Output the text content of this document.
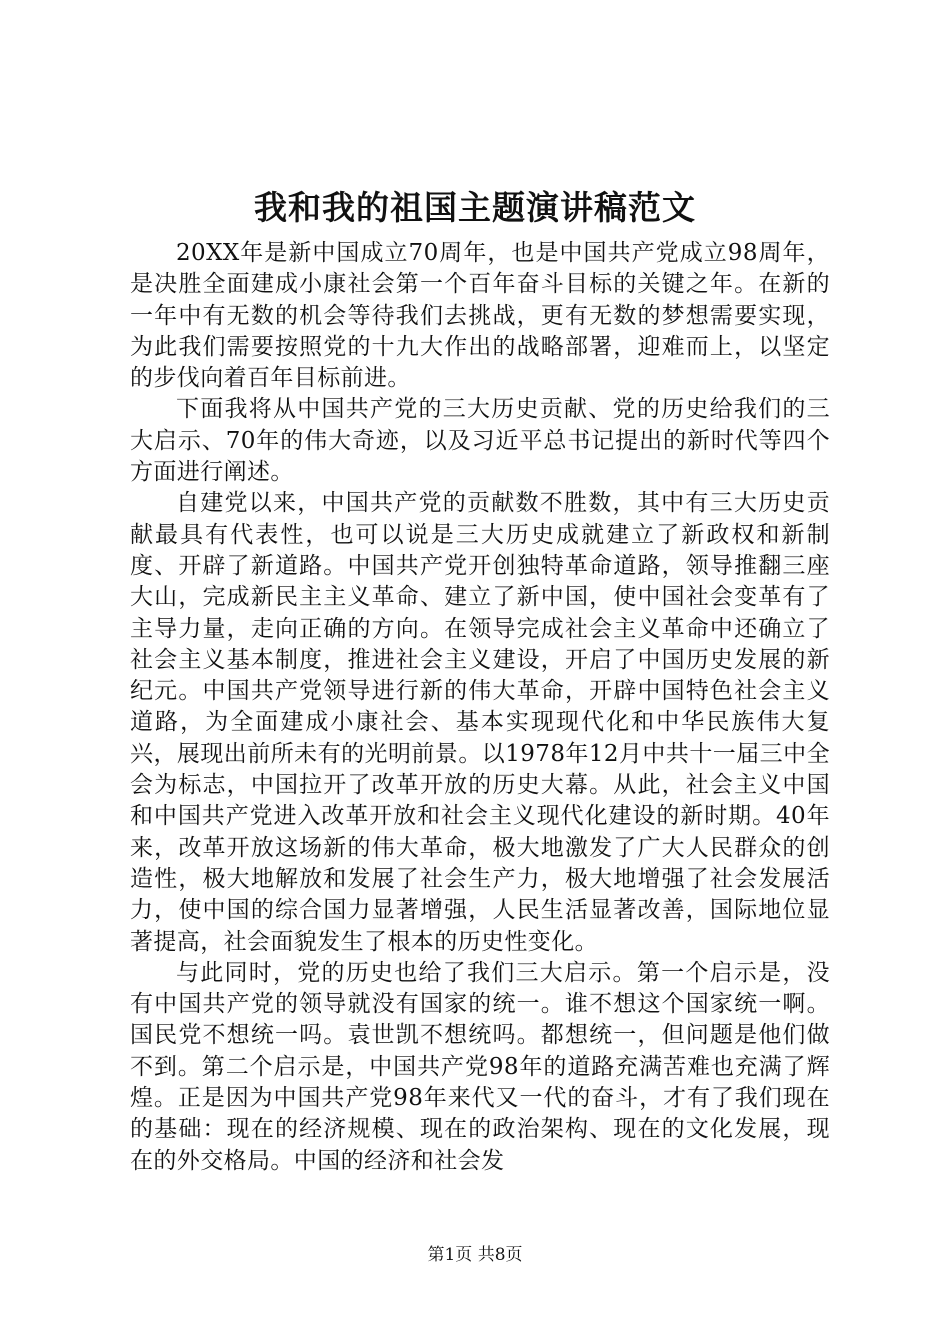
我和我的祖国主题演讲稿范文

20XX年是新中国成立70周年，也是中国共产党成立98周年，是决胜全面建成小康社会第一个百年奋斗目标的关键之年。在新的一年中有无数的机会等待我们去挑战，更有无数的梦想需要实现，为此我们需要按照党的十九大作出的战略部署，迎难而上，以坚定的步伐向着百年目标前进。

下面我将从中国共产党的三大历史贡献、党的历史给我们的三大启示、70年的伟大奇迹，以及习近平总书记提出的新时代等四个方面进行阐述。

自建党以来，中国共产党的贡献数不胜数，其中有三大历史贡献最具有代表性，也可以说是三大历史成就建立了新政权和新制度、开辟了新道路。中国共产党开创独特革命道路，领导推翻三座大山，完成新民主主义革命、建立了新中国，使中国社会变革有了主导力量，走向正确的方向。在领导完成社会主义革命中还确立了社会主义基本制度，推进社会主义建设，开启了中国历史发展的新纪元。中国共产党领导进行新的伟大革命，开辟中国特色社会主义道路，为全面建成小康社会、基本实现现代化和中华民族伟大复兴，展现出前所未有的光明前景。以1978年12月中共十一届三中全会为标志，中国拉开了改革开放的历史大幕。从此，社会主义中国和中国共产党进入改革开放和社会主义现代化建设的新时期。40年来，改革开放这场新的伟大革命，极大地激发了广大人民群众的创造性，极大地解放和发展了社会生产力，极大地增强了社会发展活力，使中国的综合国力显著增强，人民生活显著改善，国际地位显著提高，社会面貌发生了根本的历史性变化。

与此同时，党的历史也给了我们三大启示。第一个启示是，没有中国共产党的领导就没有国家的统一。谁不想这个国家统一啊。国民党不想统一吗。袁世凯不想统吗。都想统一，但问题是他们做不到。第二个启示是，中国共产党98年的道路充满苦难也充满了辉煌。正是因为中国共产党98年来代又一代的奋斗，才有了我们现在的基础：现在的经济规模、现在的政治架构、现在的文化发展，现在的外交格局。中国的经济和社会发

第1页 共8页
